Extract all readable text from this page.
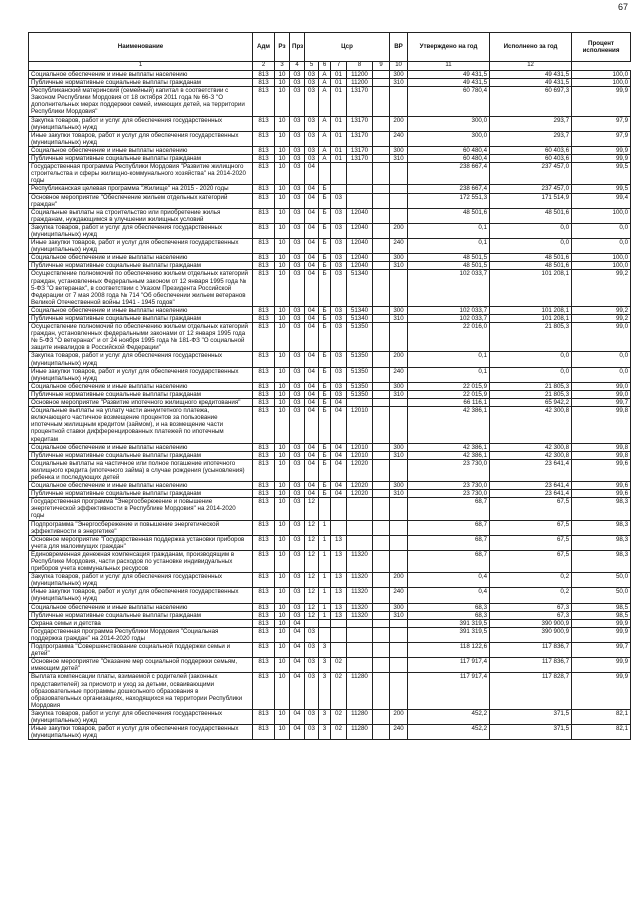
67
Наименование	Адм	Рз	Прз	Цср					ВР	Утверждено на год	Исполнено за год	Процент исполнения
1	2	3	4	5	6	7	8	9	10	11	12	
Социальное обеспечение и иные выплаты населению	813	10	03	03	А	01	11200		300	49 431,5	49 431,5	100,0
Публичные нормативные социальные выплаты гражданам	813	10	03	03	А	01	11200		310	49 431,5	49 431,5	100,0
Республиканский материнский (семейный) капитал в соответствии с Законом Республики Мордовия от 18 октября 2011 года № 66-З "О дополнительных мерах поддержки семей, имеющих детей, на территории Республики Мордовия"	813	10	03	03	А	01	13170			60 780,4	60 697,3	99,9
Закупка товаров, работ и услуг для обеспечения государственных (муниципальных) нужд	813	10	03	03	А	01	13170		200	300,0	293,7	97,9
Иные закупки товаров, работ и услуг для обеспечения государственных (муниципальных) нужд	813	10	03	03	А	01	13170		240	300,0	293,7	97,9
Социальное обеспечение и иные выплаты населению	813	10	03	03	А	01	13170		300	60 480,4	60 403,6	99,9
Публичные нормативные социальные выплаты гражданам	813	10	03	03	А	01	13170		310	60 480,4	60 403,6	99,9
Государственная программа Республики Мордовия "Развитие жилищного строительства и сферы жилищно-коммунального хозяйства" на 2014-2020 годы	813	10	03	04						238 667,4	237 457,0	99,5
Республиканская целевая программа "Жилище" на 2015 - 2020 годы	813	10	03	04	Б					238 667,4	237 457,0	99,5
Основное мероприятие "Обеспечение жильем отдельных категорий граждан"	813	10	03	04	Б	03				172 551,3	171 514,9	99,4
Социальные выплаты на строительство или приобретение жилья гражданам, нуждающимся в улучшении жилищных условий	813	10	03	04	Б	03	12040			48 501,6	48 501,6	100,0
Закупка товаров, работ и услуг для обеспечения государственных (муниципальных) нужд	813	10	03	04	Б	03	12040		200	0,1	0,0	0,0
Иные закупки товаров, работ и услуг для обеспечения государственных (муниципальных) нужд	813	10	03	04	Б	03	12040		240	0,1	0,0	0,0
Социальное обеспечение и иные выплаты населению	813	10	03	04	Б	03	12040		300	48 501,5	48 501,6	100,0
Публичные нормативные социальные выплаты гражданам	813	10	03	04	Б	03	12040		310	48 501,5	48 501,6	100,0
Осуществление полномочий по обеспечению жильем отдельных категорий граждан, установленных Федеральным законом от 12 января 1995 года № 5-ФЗ "О ветеранах", в соответствии с Указом Президента Российской Федерации от 7 мая 2008 года № 714 "Об обеспечении жильем ветеранов Великой Отечественной войны 1941 - 1945 годов"	813	10	03	04	Б	03	51340			102 033,7	101 208,1	99,2
Социальное обеспечение и иные выплаты населению	813	10	03	04	Б	03	51340		300	102 033,7	101 208,1	99,2
Публичные нормативные социальные выплаты гражданам	813	10	03	04	Б	03	51340		310	102 033,7	101 208,1	99,2
Осуществление полномочий по обеспечению жильем отдельных категорий граждан, установленных федеральными законами от 12 января 1995 года № 5-ФЗ "О ветеранах" и от 24 ноября 1995 года № 181-ФЗ "О социальной защите инвалидов в Российской Федерации"	813	10	03	04	Б	03	51350			22 016,0	21 805,3	99,0
Закупка товаров, работ и услуг для обеспечения государственных (муниципальных) нужд	813	10	03	04	Б	03	51350		200	0,1	0,0	0,0
Иные закупки товаров, работ и услуг для обеспечения государственных (муниципальных) нужд	813	10	03	04	Б	03	51350		240	0,1	0,0	0,0
Социальное обеспечение и иные выплаты населению	813	10	03	04	Б	03	51350		300	22 015,9	21 805,3	99,0
Публичные нормативные социальные выплаты гражданам	813	10	03	04	Б	03	51350		310	22 015,9	21 805,3	99,0
Основное мероприятие "Развитие ипотечного жилищного кредитования"	813	10	03	04	Б	04				66 116,1	65 942,2	99,7
Социальные выплаты на уплату части аннуитетного платежа, включающего частичное возмещение процентов за пользование ипотечным жилищным кредитом (займом), и на возмещение части процентной ставки дифференцированных платежей по ипотечным кредитам	813	10	03	04	Б	04	12010			42 386,1	42 300,8	99,8
Социальное обеспечение и иные выплаты населению	813	10	03	04	Б	04	12010		300	42 386,1	42 300,8	99,8
Публичные нормативные социальные выплаты гражданам	813	10	03	04	Б	04	12010		310	42 386,1	42 300,8	99,8
Социальные выплаты на частичное или полное погашение ипотечного жилищного кредита (ипотечного займа) в случае рождения (усыновления) ребенка и последующих детей	813	10	03	04	Б	04	12020			23 730,0	23 641,4	99,6
Социальное обеспечение и иные выплаты населению	813	10	03	04	Б	04	12020		300	23 730,0	23 641,4	99,6
Публичные нормативные социальные выплаты гражданам	813	10	03	04	Б	04	12020		310	23 730,0	23 641,4	99,6
Государственная программа "Энергосбережение и повышение энергетической эффективности в Республике Мордовия" на 2014-2020 годы	813	10	03	12						68,7	67,5	98,3
Подпрограмма "Энергосбережение и повышение энергетической эффективности в энергетике"	813	10	03	12	1					68,7	67,5	98,3
Основное мероприятие "Государственная поддержка установки приборов учета для малоимущих граждан"	813	10	03	12	1	13				68,7	67,5	98,3
Единовременная денежная компенсация гражданам, производящим в Республике Мордовия, части расходов по установке индивидуальных приборов учета коммунальных ресурсов	813	10	03	12	1	13	11320			68,7	67,5	98,3
Закупка товаров, работ и услуг для обеспечения государственных (муниципальных) нужд	813	10	03	12	1	13	11320		200	0,4	0,2	50,0
Иные закупки товаров, работ и услуг для обеспечения государственных (муниципальных) нужд	813	10	03	12	1	13	11320		240	0,4	0,2	50,0
Социальное обеспечение и иные выплаты населению	813	10	03	12	1	13	11320		300	68,3	67,3	98,5
Публичные нормативные социальные выплаты гражданам	813	10	03	12	1	13	11320		310	68,3	67,3	98,5
Охрана семьи и детства	813	10	04							391 319,5	390 900,9	99,9
Государственная программа Республики Мордовия "Социальная поддержка граждан" на 2014-2020 годы	813	10	04	03						391 319,5	390 900,9	99,9
Подпрограмма "Совершенствование социальной поддержки семьи и детей"	813	10	04	03	3					118 122,6	117 836,7	99,7
Основное мероприятие "Оказание мер социальной поддержки семьям, имеющим детей"	813	10	04	03	3	02				117 917,4	117 836,7	99,9
Выплата компенсации платы, взимаемой с родителей (законных представителей) за присмотр и уход за детьми, осваивающими образовательные программы дошкольного образования в образовательных организациях, находящихся на территории Республики Мордовия	813	10	04	03	3	02	11280			117 917,4	117 828,7	99,9
Закупка товаров, работ и услуг для обеспечения государственных (муниципальных) нужд	813	10	04	03	3	02	11280		200	452,2	371,5	82,1
Иные закупки товаров, работ и услуг для обеспечения государственных (муниципальных) нужд	813	10	04	03	3	02	11280		240	452,2	371,5	82,1
